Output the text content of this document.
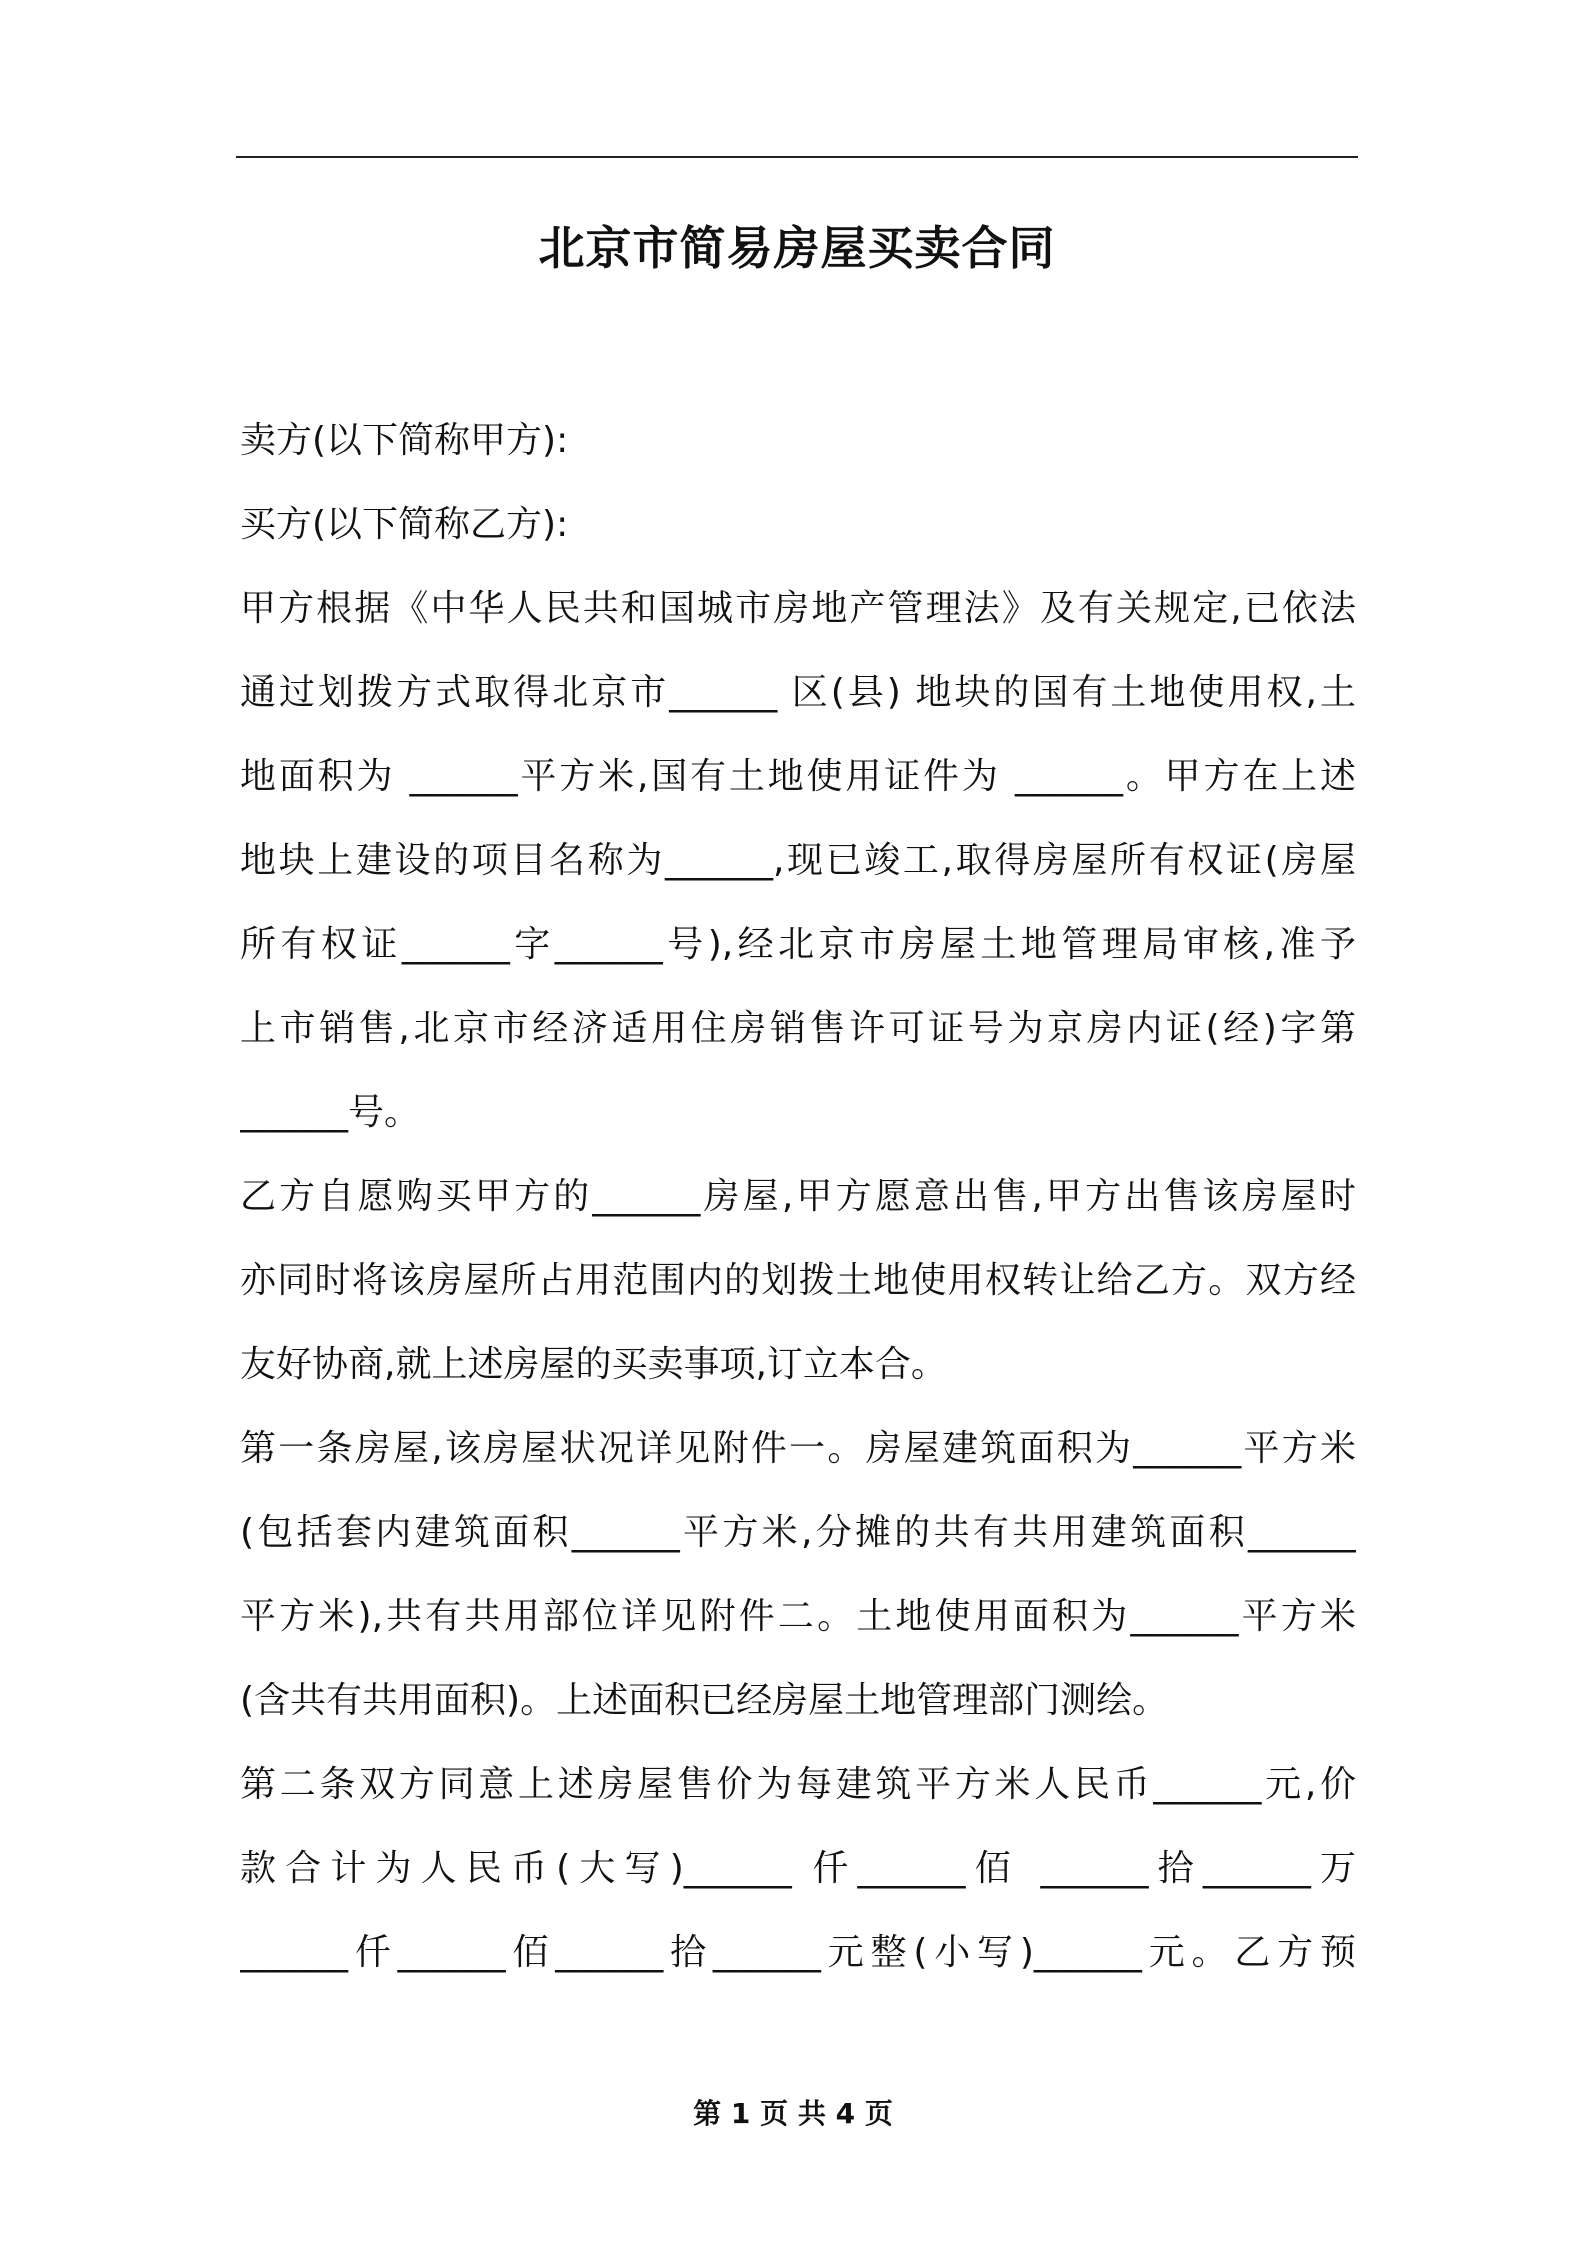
北京市简易房屋买卖合同
卖方(以下简称甲方):
买方(以下简称乙方):
甲方根据《中华人民共和国城市房地产管理法》及有关规定,已依法
通过划拨方式取得北京市______ 区(县) 地块的国有土地使用权,土
地面积为 ______平方米,国有土地使用证件为 ______。甲方在上述
地块上建设的项目名称为______,现已竣工,取得房屋所有权证(房屋
所有权证______字______号),经北京市房屋土地管理局审核,准予
上市销售,北京市经济适用住房销售许可证号为京房内证(经)字第
______号。
乙方自愿购买甲方的______房屋,甲方愿意出售,甲方出售该房屋时
亦同时将该房屋所占用范围内的划拨土地使用权转让给乙方。双方经
友好协商,就上述房屋的买卖事项,订立本合。
第一条房屋,该房屋状况详见附件一。房屋建筑面积为______平方米
(包括套内建筑面积______平方米,分摊的共有共用建筑面积______
平方米),共有共用部位详见附件二。土地使用面积为______平方米
(含共有共用面积)。上述面积已经房屋土地管理部门测绘。
第二条双方同意上述房屋售价为每建筑平方米人民币______元,价
款合计为人民币(大写)______ 仟______佰 ______拾______万
______仟______佰______拾______元整(小写)______元。乙方预
第 1 页 共 4 页
